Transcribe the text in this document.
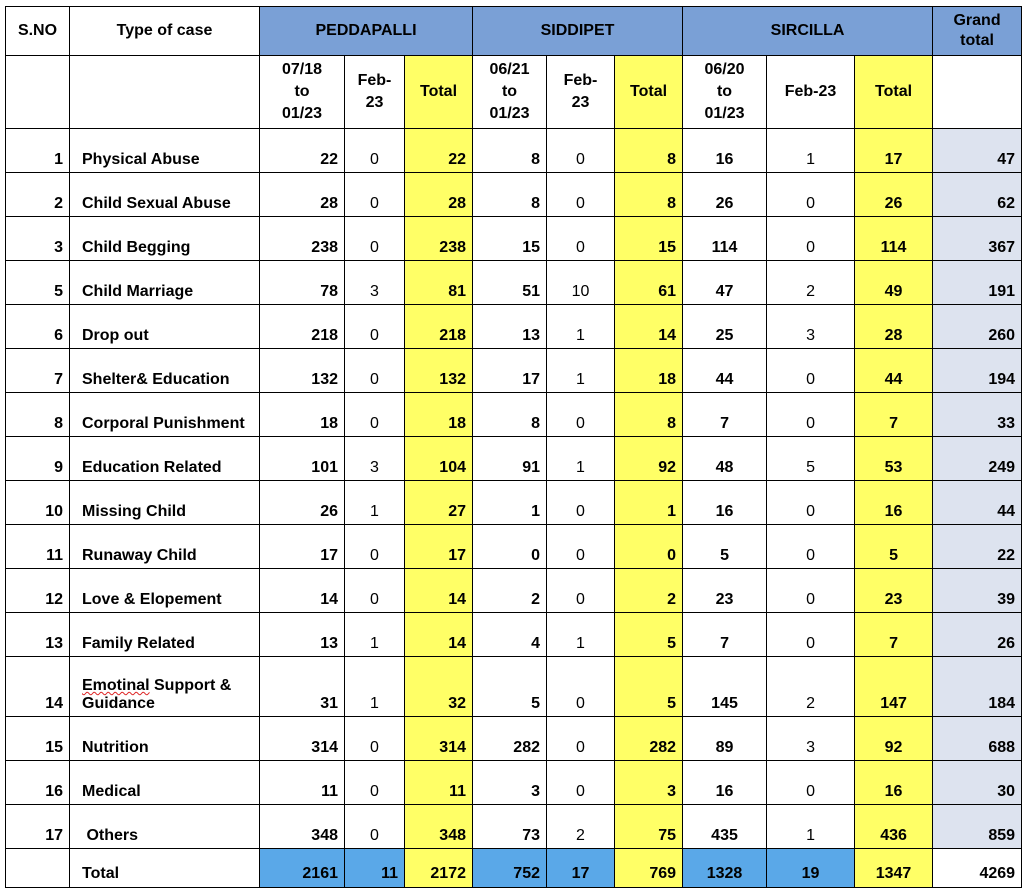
S.NO	Type of case	PEDDAPALLI			SIDDIPET			SIRCILLA			Grand
total

		07/18
to
01/23	Feb-
23	Total	06/21
to
01/23	Feb-
23	Total	06/20
to
01/23	Feb-23	Total	
1	Physical Abuse	22	0	22	8	0	8	16	1	17	47
2	Child Sexual Abuse	28	0	28	8	0	8	26	0	26	62
3	Child Begging	238	0	238	15	0	15	114	0	114	367
5	Child Marriage	78	3	81	51	10	61	47	2	49	191
6	Drop out	218	0	218	13	1	14	25	3	28	260
7	Shelter& Education	132	0	132	17	1	18	44	0	44	194
8	Corporal Punishment	18	0	18	8	0	8	7	0	7	33
9	Education Related	101	3	104	91	1	92	48	5	53	249
10	Missing Child	26	1	27	1	0	1	16	0	16	44
11	Runaway Child	17	0	17	0	0	0	5	0	5	22
12	Love & Elopement	14	0	14	2	0	2	23	0	23	39
13	Family Related	13	1	14	4	1	5	7	0	7	26
14	Emotinal Support &
Guidance	31	1	32	5	0	5	145	2	147	184
15	Nutrition	314	0	314	282	0	282	89	3	92	688
16	Medical	11	0	11	3	0	3	16	0	16	30
17	Others	348	0	348	73	2	75	435	1	436	859
	Total	2161	11	2172	752	17	769	1328	19	1347	4269
